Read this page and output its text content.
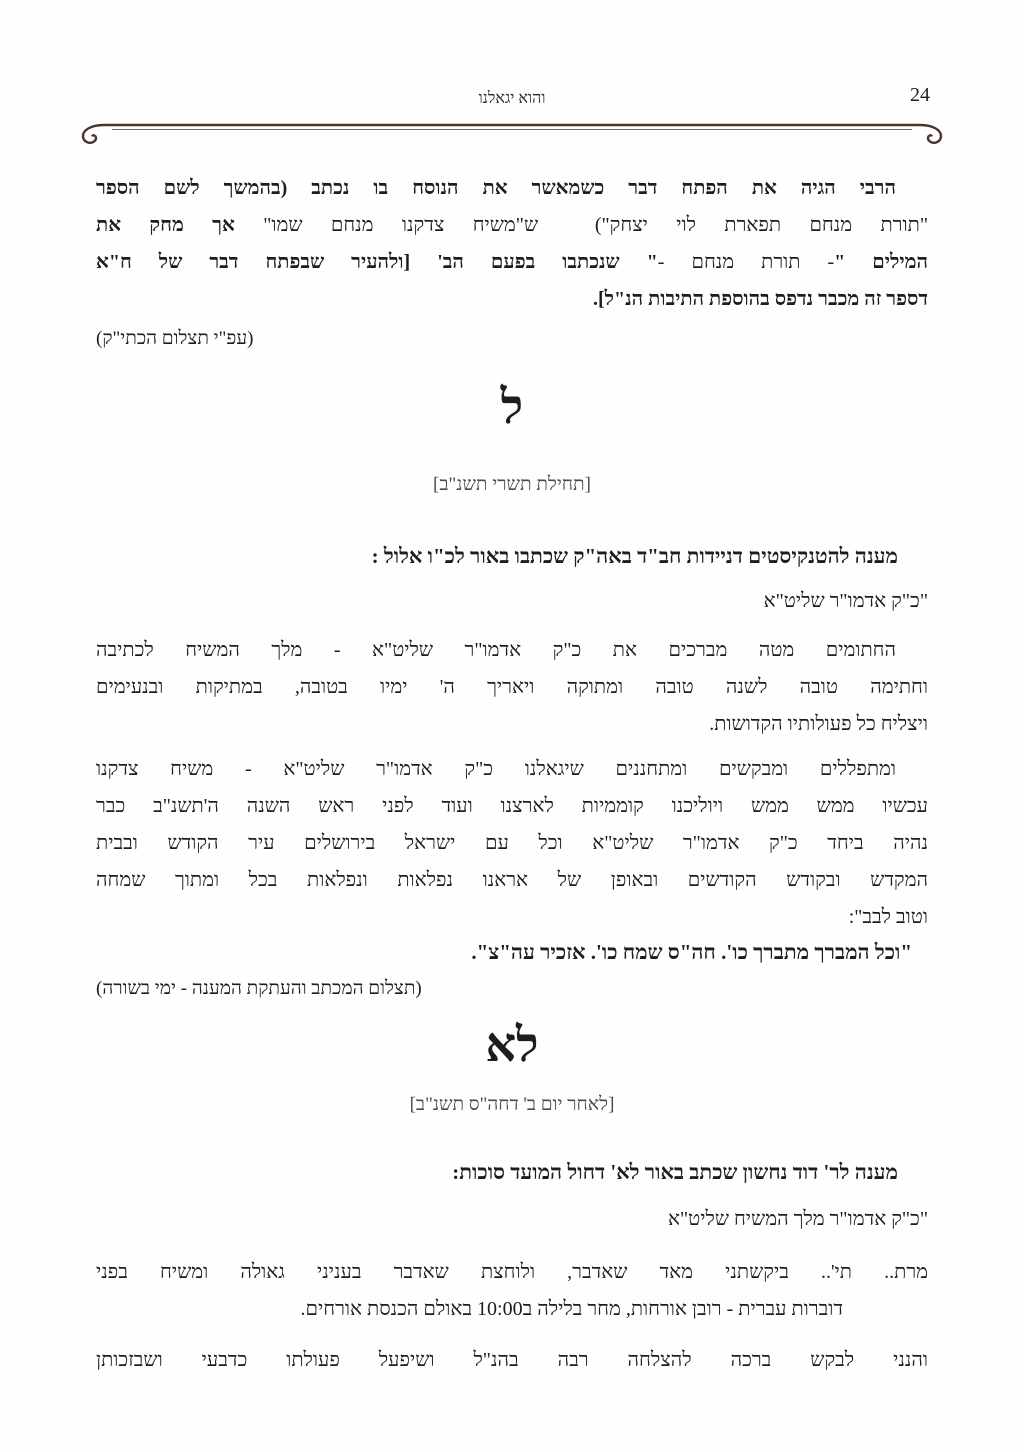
24
והוא יגאלנו
הרבי הגיה את הפתח דבר כשמאשר את הנוסח בו נכתב (בהמשך לשם הספר
"תורת מנחם תפארת לוי יצחק")  ש"משיח צדקנו מנחם שמו" אך מחק את
המילים "- תורת מנחם -" שנכתבו בפעם הב' [ולהעיר שבפתח דבר של ח"א
דספר זה מכבר נדפס בהוספת התיבות הנ"ל].
(עפ"י תצלום הכתי"ק)
ל
[תחילת תשרי תשנ"ב]
מענה להטנקיסטים דניידות חב"ד באה"ק שכתבו באור לכ"ו אלול :
"כ"ק אדמו"ר שליט"א
החתומים מטה מברכים את כ"ק אדמו"ר שליט"א - מלך המשיח לכתיבה
וחתימה טובה לשנה טובה ומתוקה ויאריך ה' ימיו בטובה, במתיקות ובנעימים
ויצליח כל פעולותיו הקדושות.
ומתפללים ומבקשים ומתחננים שיגאלנו כ"ק אדמו"ר שליט"א - משיח צדקנו
עכשיו ממש ממש ויוליכנו קוממיות לארצנו ועוד לפני ראש השנה ה'תשנ"ב כבר
נהיה ביחד כ"ק אדמו"ר שליט"א וכל עם ישראל בירושלים עיר הקודש ובבית
המקדש ובקודש הקודשים ובאופן של אראנו נפלאות ונפלאות בכל ומתוך שמחה
וטוב לבב":
"וכל המברך מתברך כו'. חה"ס שמח כו'. אזכיר עה"צ".
(תצלום המכתב והעתקת המענה - ימי בשורה)
לא
[לאחר יום ב' דחה"ס תשנ"ב]
מענה לר' דוד נחשון שכתב באור לא' דחול המועד סוכות:
"כ"ק אדמו"ר מלך המשיח שליט"א
מרת.. תי'.. ביקשתני מאד שאדבר, ולוחצת שאדבר בעניני גאולה ומשיח בפני
דוברות עברית - רובן אורחות, מחר בלילה ב10:00 באולם הכנסת אורחים.
והנני לבקש ברכה להצלחה רבה בהנ"ל ושיפעל פעולתו כדבעי ושבזכותן
